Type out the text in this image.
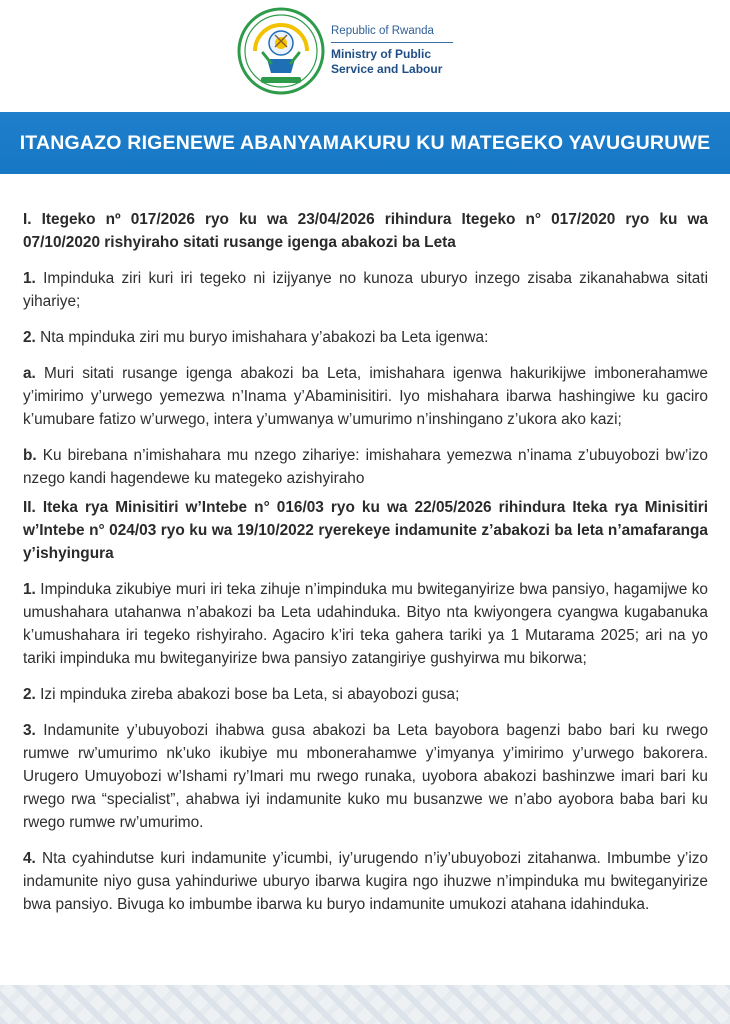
Republic of Rwanda
Ministry of Public
Service and Labour
ITANGAZO RIGENEWE ABANYAMAKURU KU MATEGEKO YAVUGURUWE

I. Itegeko nº 017/2026 ryo ku wa 23/04/2026 rihindura Itegeko n° 017/2020 ryo ku wa 07/10/2020 rishyiraho sitati rusange igenga abakozi ba Leta

1. Impinduka ziri kuri iri tegeko ni izijyanye no kunoza uburyo inzego zisaba zikanahabwa sitati yihariye;

2. Nta mpinduka ziri mu buryo imishahara y’abakozi ba Leta igenwa:

a. Muri sitati rusange igenga abakozi ba Leta, imishahara igenwa hakurikijwe imbonerahamwe y’imirimo y’urwego yemezwa n’Inama y’Abaminisitiri. Iyo mishahara ibarwa hashingiwe ku gaciro k’umubare fatizo w’urwego, intera y’umwanya w’umurimo n’inshingano z’ukora ako kazi;

b. Ku birebana n’imishahara mu nzego zihariye: imishahara yemezwa n’inama z’ubuyobozi bw’izo nzego kandi hagendewe ku mategeko azishyiraho

II. Iteka rya Minisitiri w’Intebe n° 016/03 ryo ku wa 22/05/2026 rihindura Iteka rya Minisitiri w’Intebe n° 024/03 ryo ku wa 19/10/2022 ryerekeye indamunite z’abakozi ba leta n’amafaranga y’ishyingura

1. Impinduka zikubiye muri iri teka zihuje n’impinduka mu bwiteganyirize bwa pansiyo, hagamijwe ko umushahara utahanwa n’abakozi ba Leta udahinduka. Bityo nta kwiyongera cyangwa kugabanuka k’umushahara iri tegeko rishyiraho. Agaciro k’iri teka gahera tariki ya 1 Mutarama 2025; ari na yo tariki impinduka mu bwiteganyirize bwa pansiyo zatangiriye gushyirwa mu bikorwa;

2. Izi mpinduka zireba abakozi bose ba Leta, si abayobozi gusa;

3. Indamunite y’ubuyobozi ihabwa gusa abakozi ba Leta bayobora bagenzi babo bari ku rwego rumwe rw’umurimo nk’uko ikubiye mu mbonerahamwe y’imyanya y’imirimo y’urwego bakorera. Urugero Umuyobozi w’Ishami ry’Imari mu rwego runaka, uyobora abakozi bashinzwe imari bari ku rwego rwa “specialist”, ahabwa iyi indamunite kuko mu busanzwe we n’abo ayobora baba bari ku rwego rumwe rw’umurimo.

4. Nta cyahindutse kuri indamunite y’icumbi, iy’urugendo n’iy’ubuyobozi zitahanwa. Imbumbe y’izo indamunite niyo gusa yahinduriwe uburyo ibarwa kugira ngo ihuzwe n’impinduka mu bwiteganyirize bwa pansiyo. Bivuga ko imbumbe ibarwa ku buryo indamunite umukozi atahana idahinduka.
